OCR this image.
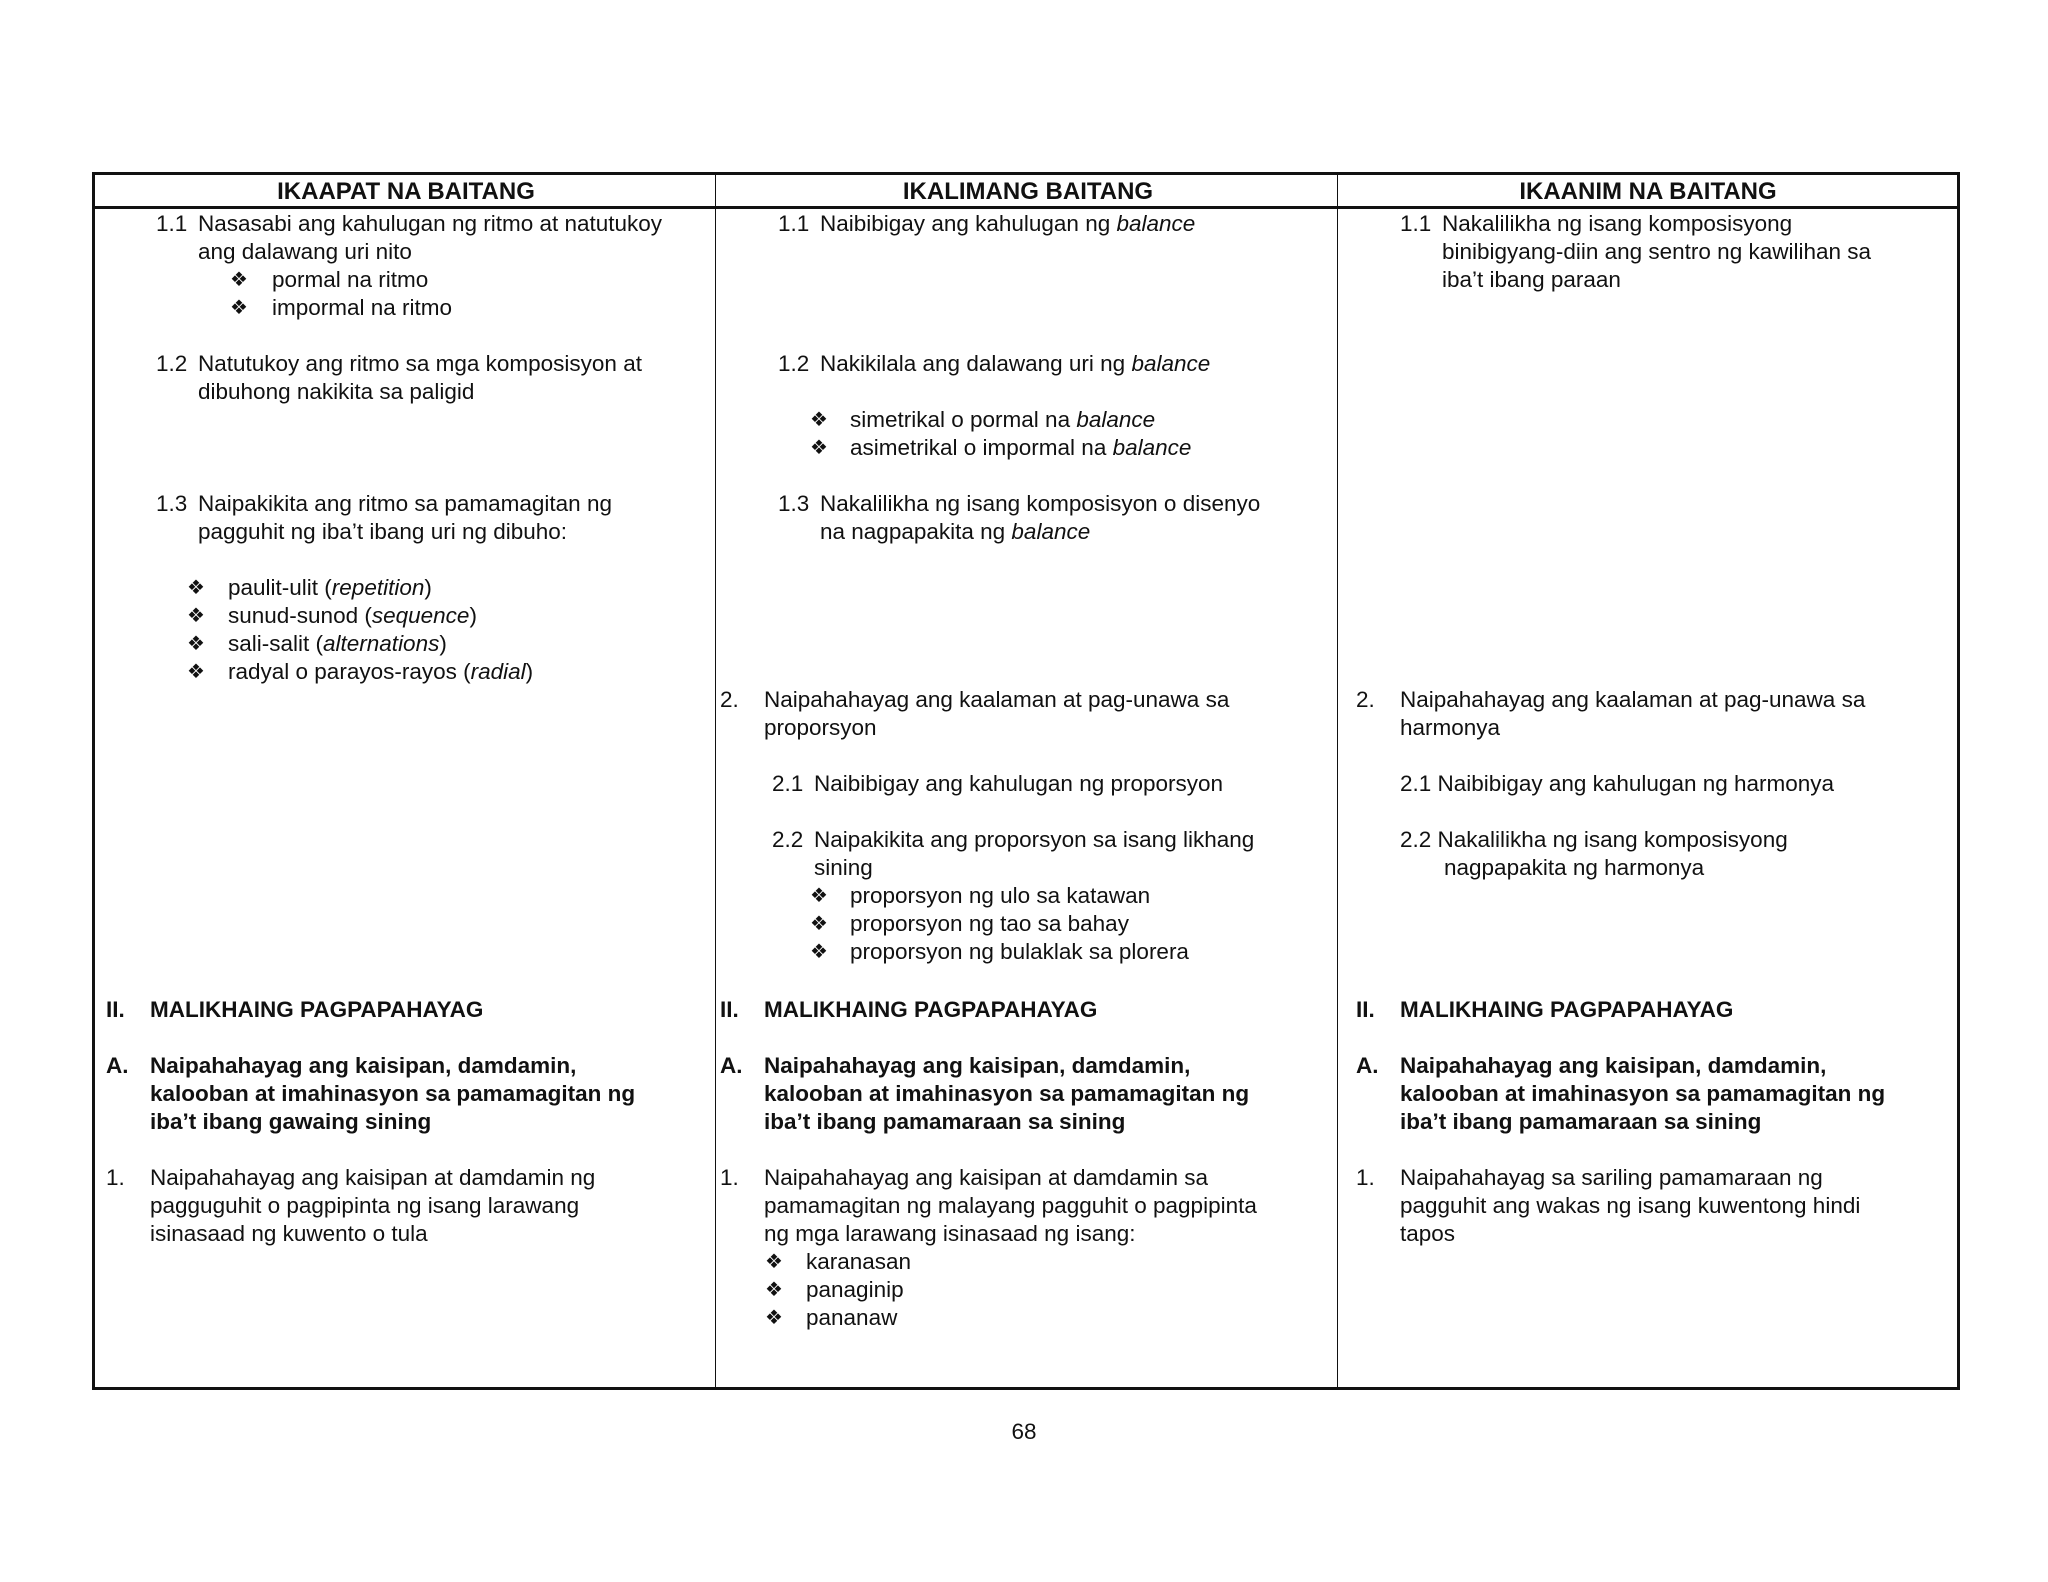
IKAAPAT NA BAITANG	IKALIMANG BAITANG	IKAANIM NA BAITANG
1.1 Nasasabi ang kahulugan ng ritmo at natutukoy
ang dalawang uri nito
❖ pormal na ritmo
❖ impormal na ritmo
1.2 Natutukoy ang ritmo sa mga komposisyon at
dibuhong nakikita sa paligid
1.3 Naipakikita ang ritmo sa pamamagitan ng
pagguhit ng iba’t ibang uri ng dibuho:
❖ paulit-ulit (repetition)
❖ sunud-sunod (sequence)
❖ sali-salit (alternations)
❖ radyal o parayos-rayos (radial)
II. MALIKHAING PAGPAPAHAYAG
A. Naipahahayag ang kaisipan, damdamin,
kalooban at imahinasyon sa pamamagitan ng
iba’t ibang gawaing sining
1. Naipahahayag ang kaisipan at damdamin ng
pagguguhit o pagpipinta ng isang larawang
isinasaad ng kuwento o tula
1.1 Naibibigay ang kahulugan ng balance
1.2 Nakikilala ang dalawang uri ng balance
❖ simetrikal o pormal na balance
❖ asimetrikal o impormal na balance
1.3 Nakalilikha ng isang komposisyon o disenyo
na nagpapakita ng balance
2. Naipahahayag ang kaalaman at pag-unawa sa
proporsyon
2.1 Naibibigay ang kahulugan ng proporsyon
2.2 Naipakikita ang proporsyon sa isang likhang
sining
❖ proporsyon ng ulo sa katawan
❖ proporsyon ng tao sa bahay
❖ proporsyon ng bulaklak sa plorera
II. MALIKHAING PAGPAPAHAYAG
A. Naipahahayag ang kaisipan, damdamin,
kalooban at imahinasyon sa pamamagitan ng
iba’t ibang pamamaraan sa sining
1. Naipahahayag ang kaisipan at damdamin sa
pamamagitan ng malayang pagguhit o pagpipinta
ng mga larawang isinasaad ng isang:
❖ karanasan
❖ panaginip
❖ pananaw
1.1 Nakalilikha ng isang komposisyong
binibigyang-diin ang sentro ng kawilihan sa
iba’t ibang paraan
2. Naipahahayag ang kaalaman at pag-unawa sa
harmonya
2.1 Naibibigay ang kahulugan ng harmonya
2.2 Nakalilikha ng isang komposisyong
nagpapakita ng harmonya
II. MALIKHAING PAGPAPAHAYAG
A. Naipahahayag ang kaisipan, damdamin,
kalooban at imahinasyon sa pamamagitan ng
iba’t ibang pamamaraan sa sining
1. Naipahahayag sa sariling pamamaraan ng
pagguhit ang wakas ng isang kuwentong hindi
tapos
68
